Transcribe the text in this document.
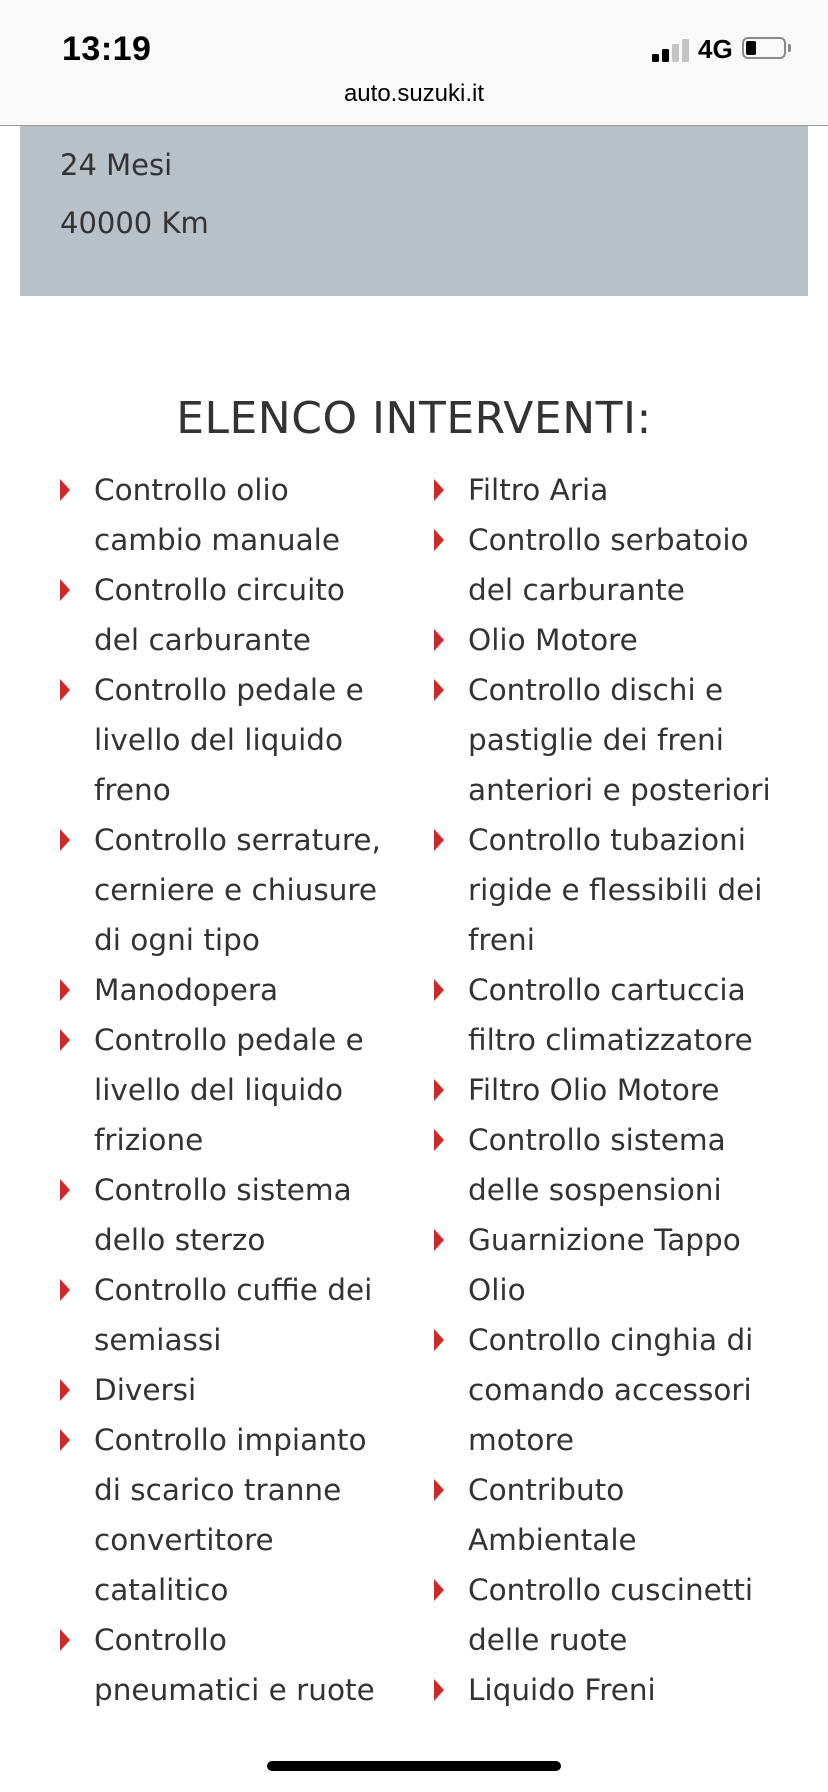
13:19	4G
auto.suzuki.it
24 Mesi
40000 Km
ELENCO INTERVENTI:
Controllo olio cambio manuale
Controllo circuito del carburante
Controllo pedale e livello del liquido freno
Controllo serrature, cerniere e chiusure di ogni tipo
Manodopera
Controllo pedale e livello del liquido frizione
Controllo sistema dello sterzo
Controllo cuffie dei semiassi
Diversi
Controllo impianto di scarico tranne convertitore catalitico
Controllo pneumatici e ruote
Filtro Aria
Controllo serbatoio del carburante
Olio Motore
Controllo dischi e pastiglie dei freni anteriori e posteriori
Controllo tubazioni rigide e flessibili dei freni
Controllo cartuccia filtro climatizzatore
Filtro Olio Motore
Controllo sistema delle sospensioni
Guarnizione Tappo Olio
Controllo cinghia di comando accessori motore
Contributo Ambientale
Controllo cuscinetti delle ruote
Liquido Freni
